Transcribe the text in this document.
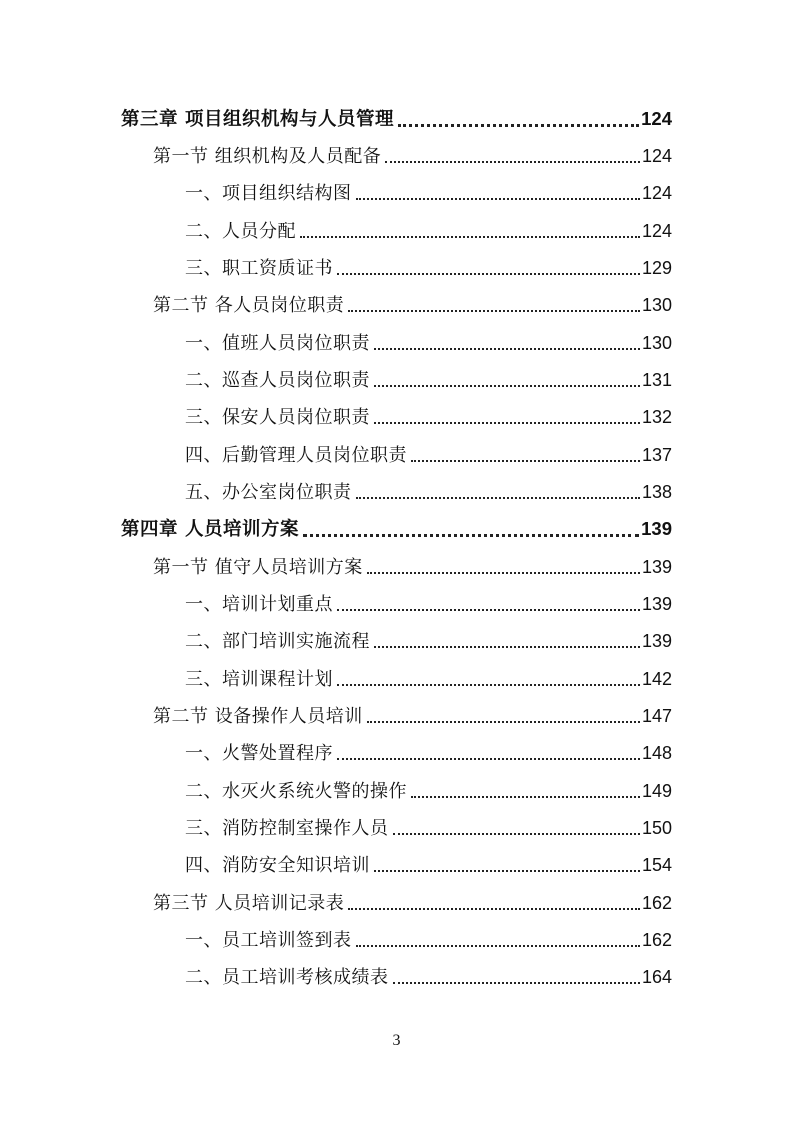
第三章 项目组织机构与人员管理	124
第一节 组织机构及人员配备	124
一、项目组织结构图	124
二、人员分配	124
三、职工资质证书	129
第二节 各人员岗位职责	130
一、值班人员岗位职责	130
二、巡查人员岗位职责	131
三、保安人员岗位职责	132
四、后勤管理人员岗位职责	137
五、办公室岗位职责	138
第四章 人员培训方案	139
第一节 值守人员培训方案	139
一、培训计划重点	139
二、部门培训实施流程	139
三、培训课程计划	142
第二节 设备操作人员培训	147
一、火警处置程序	148
二、水灭火系统火警的操作	149
三、消防控制室操作人员	150
四、消防安全知识培训	154
第三节 人员培训记录表	162
一、员工培训签到表	162
二、员工培训考核成绩表	164
3
